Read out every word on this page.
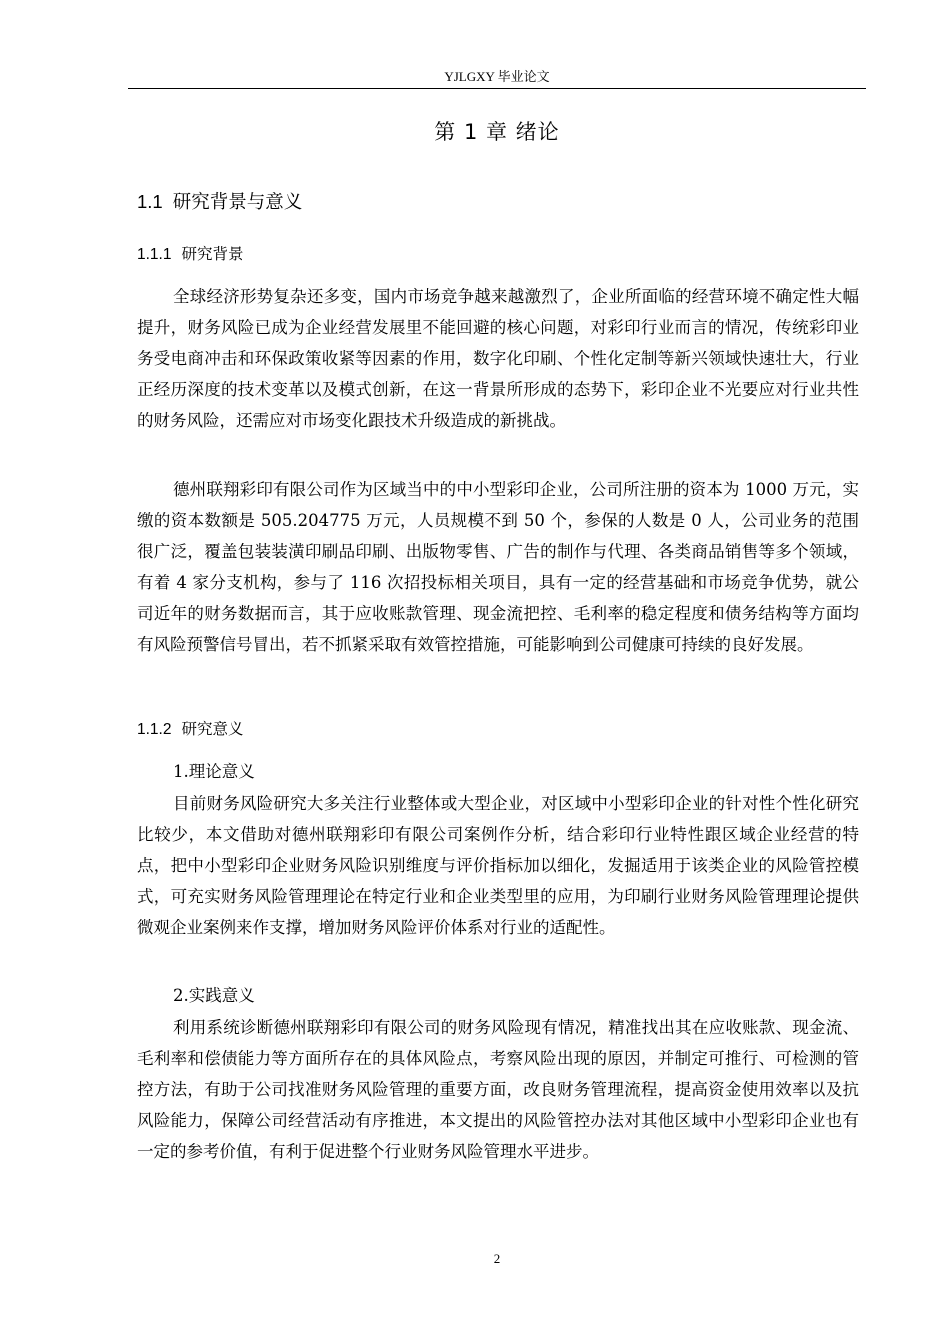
YJLGXY 毕业论文
第 1 章 绪论
1.1 研究背景与意义
1.1.1 研究背景

全球经济形势复杂还多变，国内市场竞争越来越激烈了，企业所面临的经营环境不确定性大幅提升，财务风险已成为企业经营发展里不能回避的核心问题，对彩印行业而言的情况，传统彩印业务受电商冲击和环保政策收紧等因素的作用，数字化印刷、个性化定制等新兴领域快速壮大，行业正经历深度的技术变革以及模式创新，在这一背景所形成的态势下，彩印企业不光要应对行业共性的财务风险，还需应对市场变化跟技术升级造成的新挑战。

德州联翔彩印有限公司作为区域当中的中小型彩印企业，公司所注册的资本为 1000 万元，实缴的资本数额是 505.204775 万元，人员规模不到 50 个，参保的人数是 0 人，公司业务的范围很广泛，覆盖包装装潢印刷品印刷、出版物零售、广告的制作与代理、各类商品销售等多个领域，有着 4 家分支机构，参与了 116 次招投标相关项目，具有一定的经营基础和市场竞争优势，就公司近年的财务数据而言，其于应收账款管理、现金流把控、毛利率的稳定程度和债务结构等方面均有风险预警信号冒出，若不抓紧采取有效管控措施，可能影响到公司健康可持续的良好发展。

1.1.2 研究意义
1.理论意义

目前财务风险研究大多关注行业整体或大型企业，对区域中小型彩印企业的针对性个性化研究比较少，本文借助对德州联翔彩印有限公司案例作分析，结合彩印行业特性跟区域企业经营的特点，把中小型彩印企业财务风险识别维度与评价指标加以细化，发掘适用于该类企业的风险管控模式，可充实财务风险管理理论在特定行业和企业类型里的应用，为印刷行业财务风险管理理论提供微观企业案例来作支撑，增加财务风险评价体系对行业的适配性。

2.实践意义

利用系统诊断德州联翔彩印有限公司的财务风险现有情况，精准找出其在应收账款、现金流、毛利率和偿债能力等方面所存在的具体风险点，考察风险出现的原因，并制定可推行、可检测的管控方法，有助于公司找准财务风险管理的重要方面，改良财务管理流程，提高资金使用效率以及抗风险能力，保障公司经营活动有序推进，本文提出的风险管控办法对其他区域中小型彩印企业也有一定的参考价值，有利于促进整个行业财务风险管理水平进步。

2
